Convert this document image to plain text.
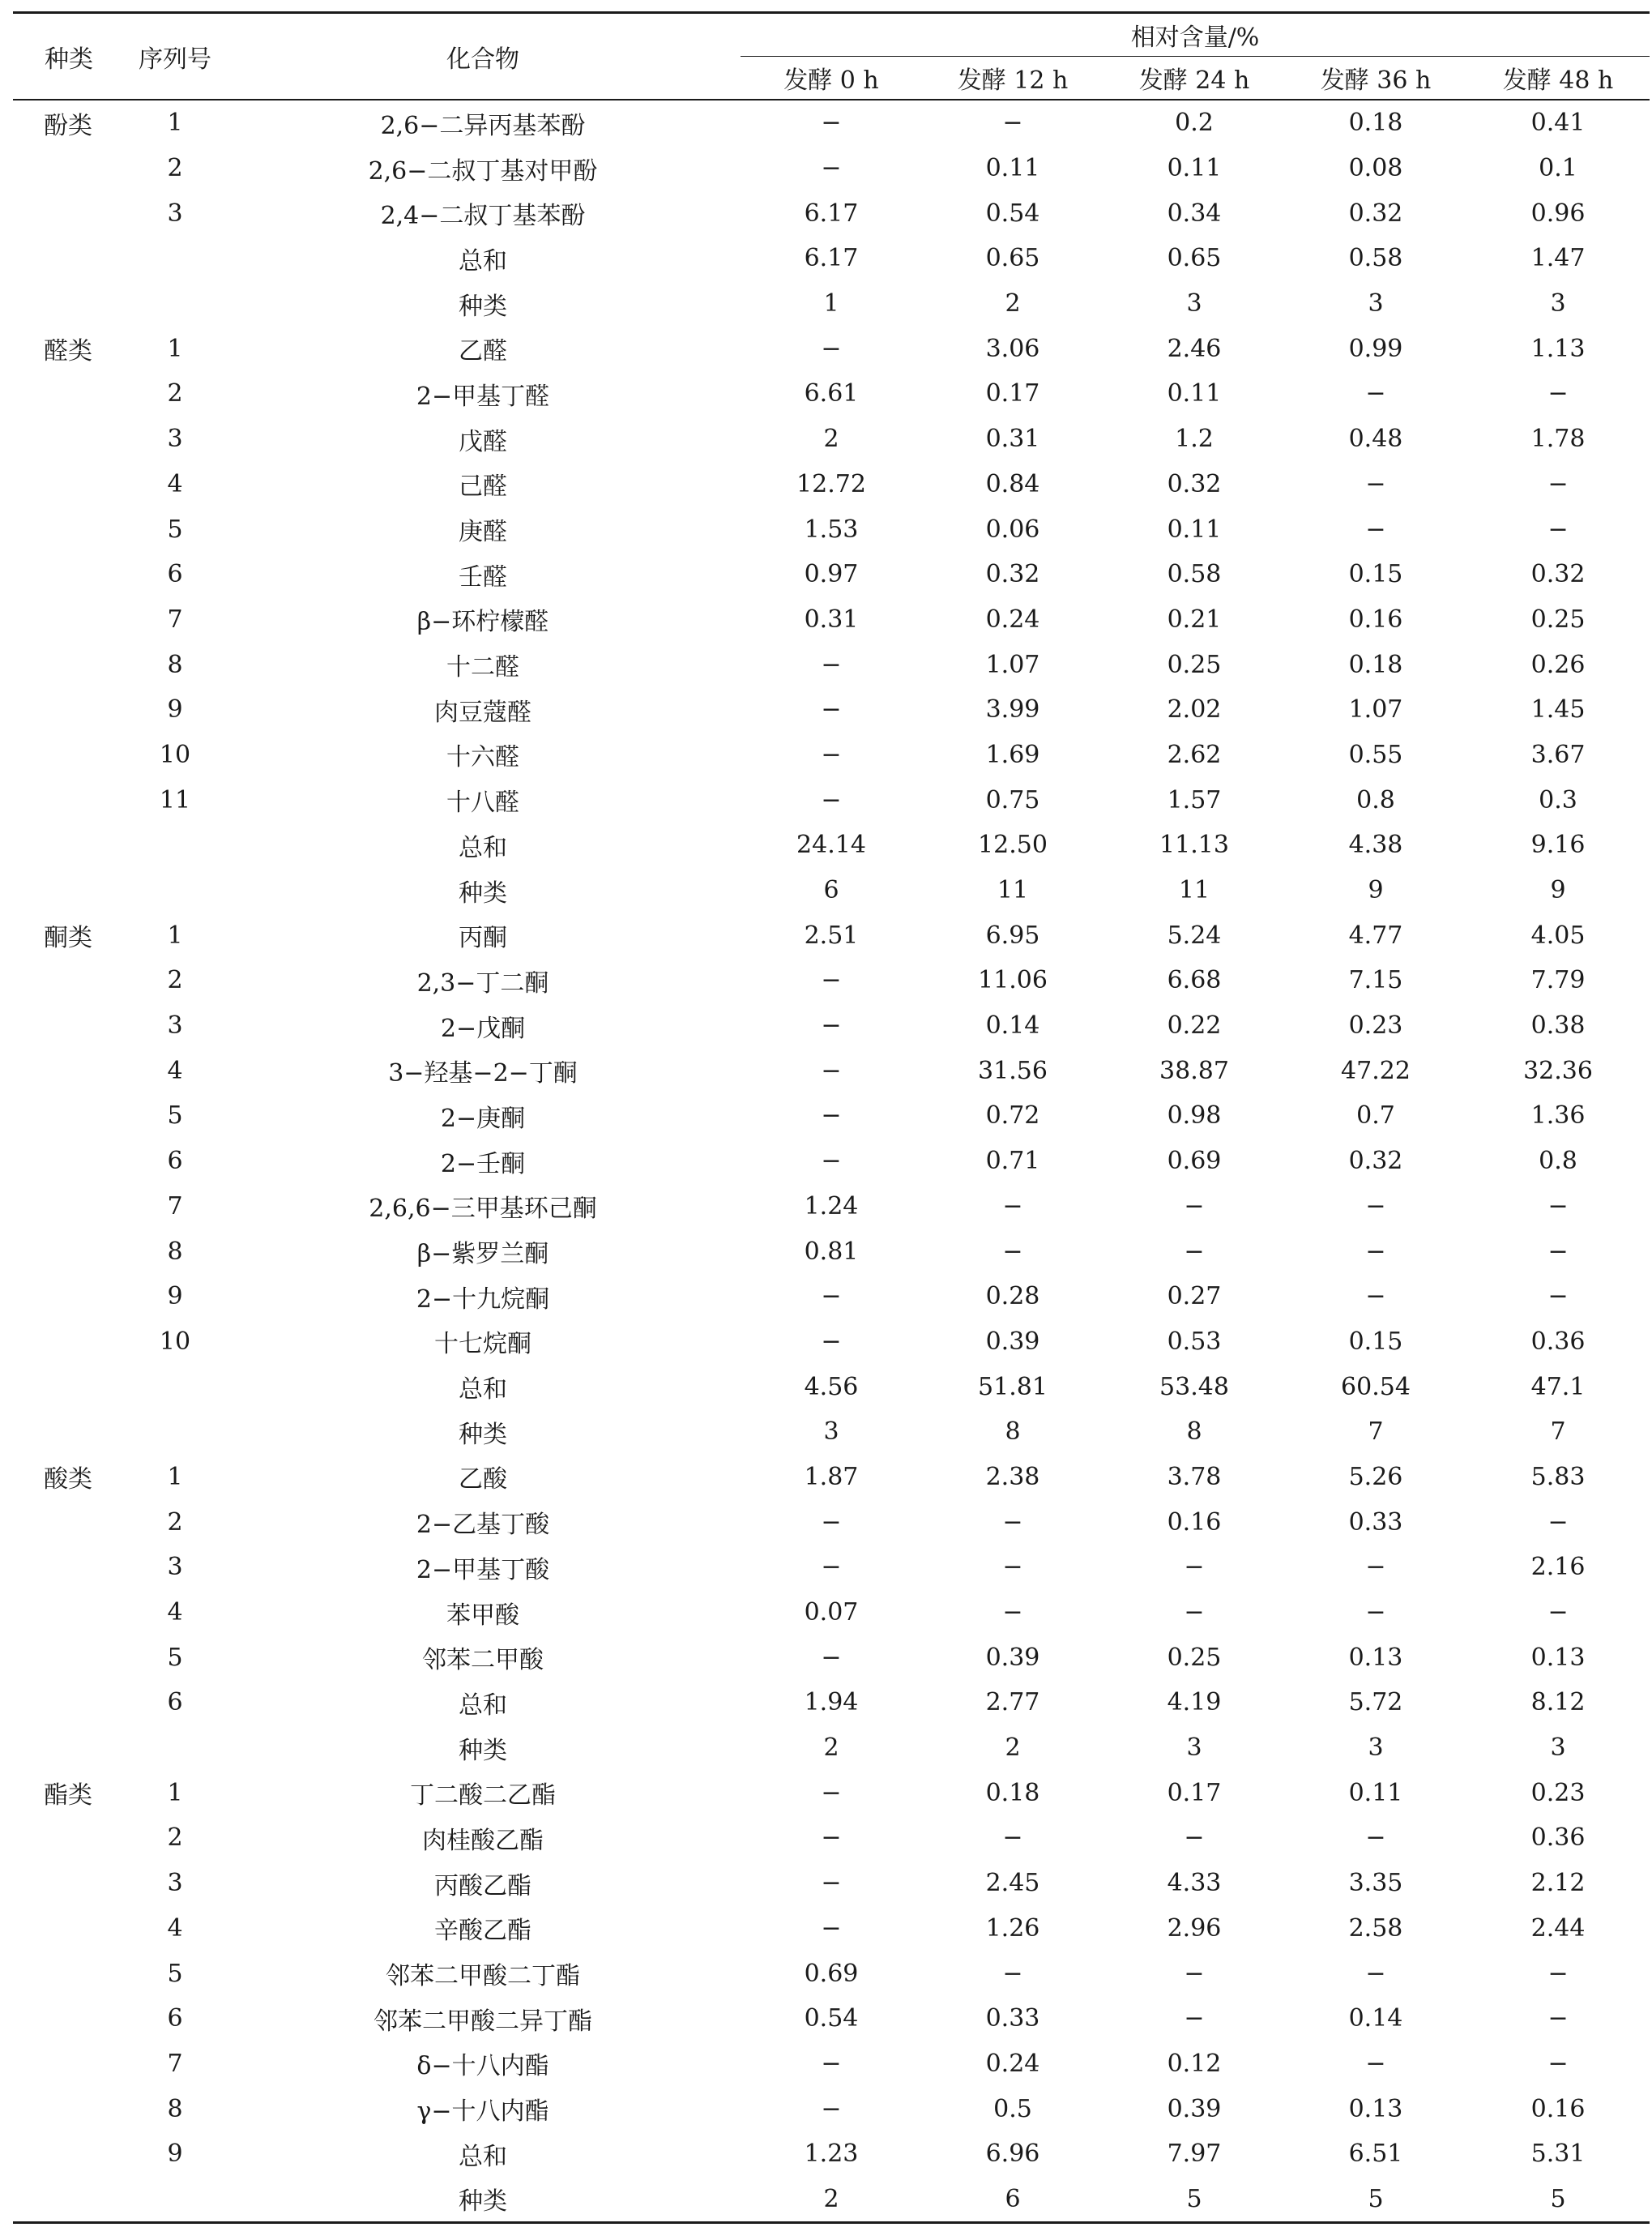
种类	序列号	化合物	相对含量/%				
			发酵 0 h	发酵 12 h	发酵 24 h	发酵 36 h	发酵 48 h
酚类	1	2,6−二异丙基苯酚	−	−	0.2	0.18	0.41
	2	2,6−二叔丁基对甲酚	−	0.11	0.11	0.08	0.1
	3	2,4−二叔丁基苯酚	6.17	0.54	0.34	0.32	0.96
		总和	6.17	0.65	0.65	0.58	1.47
		种类	1	2	3	3	3
醛类	1	乙醛	−	3.06	2.46	0.99	1.13
	2	2−甲基丁醛	6.61	0.17	0.11	−	−
	3	戊醛	2	0.31	1.2	0.48	1.78
	4	己醛	12.72	0.84	0.32	−	−
	5	庚醛	1.53	0.06	0.11	−	−
	6	壬醛	0.97	0.32	0.58	0.15	0.32
	7	β−环柠檬醛	0.31	0.24	0.21	0.16	0.25
	8	十二醛	−	1.07	0.25	0.18	0.26
	9	肉豆蔻醛	−	3.99	2.02	1.07	1.45
	10	十六醛	−	1.69	2.62	0.55	3.67
	11	十八醛	−	0.75	1.57	0.8	0.3
		总和	24.14	12.50	11.13	4.38	9.16
		种类	6	11	11	9	9
酮类	1	丙酮	2.51	6.95	5.24	4.77	4.05
	2	2,3−丁二酮	−	11.06	6.68	7.15	7.79
	3	2−戊酮	−	0.14	0.22	0.23	0.38
	4	3−羟基−2−丁酮	−	31.56	38.87	47.22	32.36
	5	2−庚酮	−	0.72	0.98	0.7	1.36
	6	2−壬酮	−	0.71	0.69	0.32	0.8
	7	2,6,6−三甲基环己酮	1.24	−	−	−	−
	8	β−紫罗兰酮	0.81	−	−	−	−
	9	2−十九烷酮	−	0.28	0.27	−	−
	10	十七烷酮	−	0.39	0.53	0.15	0.36
		总和	4.56	51.81	53.48	60.54	47.1
		种类	3	8	8	7	7
酸类	1	乙酸	1.87	2.38	3.78	5.26	5.83
	2	2−乙基丁酸	−	−	0.16	0.33	−
	3	2−甲基丁酸	−	−	−	−	2.16
	4	苯甲酸	0.07	−	−	−	−
	5	邻苯二甲酸	−	0.39	0.25	0.13	0.13
	6	总和	1.94	2.77	4.19	5.72	8.12
		种类	2	2	3	3	3
酯类	1	丁二酸二乙酯	−	0.18	0.17	0.11	0.23
	2	肉桂酸乙酯	−	−	−	−	0.36
	3	丙酸乙酯	−	2.45	4.33	3.35	2.12
	4	辛酸乙酯	−	1.26	2.96	2.58	2.44
	5	邻苯二甲酸二丁酯	0.69	−	−	−	−
	6	邻苯二甲酸二异丁酯	0.54	0.33	−	0.14	−
	7	δ−十八内酯	−	0.24	0.12	−	−
	8	γ−十八内酯	−	0.5	0.39	0.13	0.16
	9	总和	1.23	6.96	7.97	6.51	5.31
		种类	2	6	5	5	5
